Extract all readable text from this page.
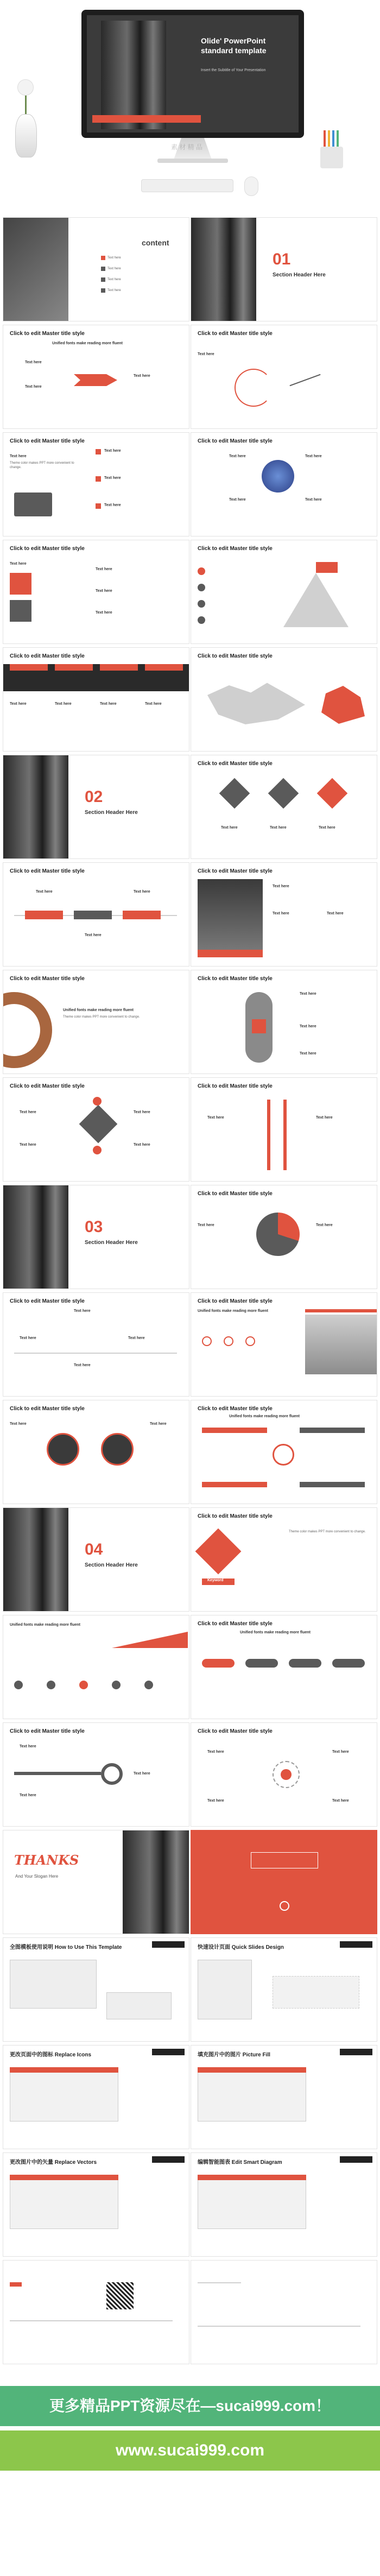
Olide' PowerPoint standard template
Insert the Subtitle of Your Presentation
素 材 精 品
content
Text here
Text here
Text here
Text here
01
Section Header Here
Click to edit Master title style
Unified fonts make reading more fluent
Text here
Text here
Text here
Click to edit Master title style
Text here
Click to edit Master title style
Text here
Theme color makes PPT more convenient to change.
Text here
Text here
Text here
Click to edit Master title style
Text here	Text here
Text here	Text here
Click to edit Master title style
Text here
Text here
Text here
Text here
Click to edit Master title style
Click to edit Master title style
Text here	Text here	Text here	Text here
Click to edit Master title style
02
Section Header Here
Click to edit Master title style
Text here	Text here	Text here
Click to edit Master title style
Text here
Text here
Text here
Click to edit Master title style
Text here
Text here	Text here
Click to edit Master title style
Unified fonts make reading more fluent
Theme color makes PPT more convenient to change.
Click to edit Master title style
Text here
Text here
Text here
Click to edit Master title style
Text here
Text here
Text here
Text here
Click to edit Master title style
Text here	Text here
03
Section Header Here
Click to edit Master title style
Text here	Text here
Click to edit Master title style
Text here
Text here
Text here
Text here
Click to edit Master title style
Unified fonts make reading more fluent
Click to edit Master title style
Text here	Text here
Click to edit Master title style
Unified fonts make reading more fluent
04
Section Header Here
Click to edit Master title style
Keyword
Theme color makes PPT more convenient to change.
Unified fonts make reading more fluent	Click to edit Master title style
Unified fonts make reading more fluent
Click to edit Master title style
Text here
Text here
Text here
Click to edit Master title style
Text here	Text here
Text here	Text here
THANKS
And Your Slogan Here
全图模板使用说明 How to Use This Template	快速设计页面 Quick Slides Design
更改页面中的图标 Replace Icons	填充图片中的图片 Picture Fill
更改图片中的矢量 Replace Vectors	编辑智能图表 Edit Smart Diagram
更多精品PPT资源尽在—sucai999.com！
www.sucai999.com
